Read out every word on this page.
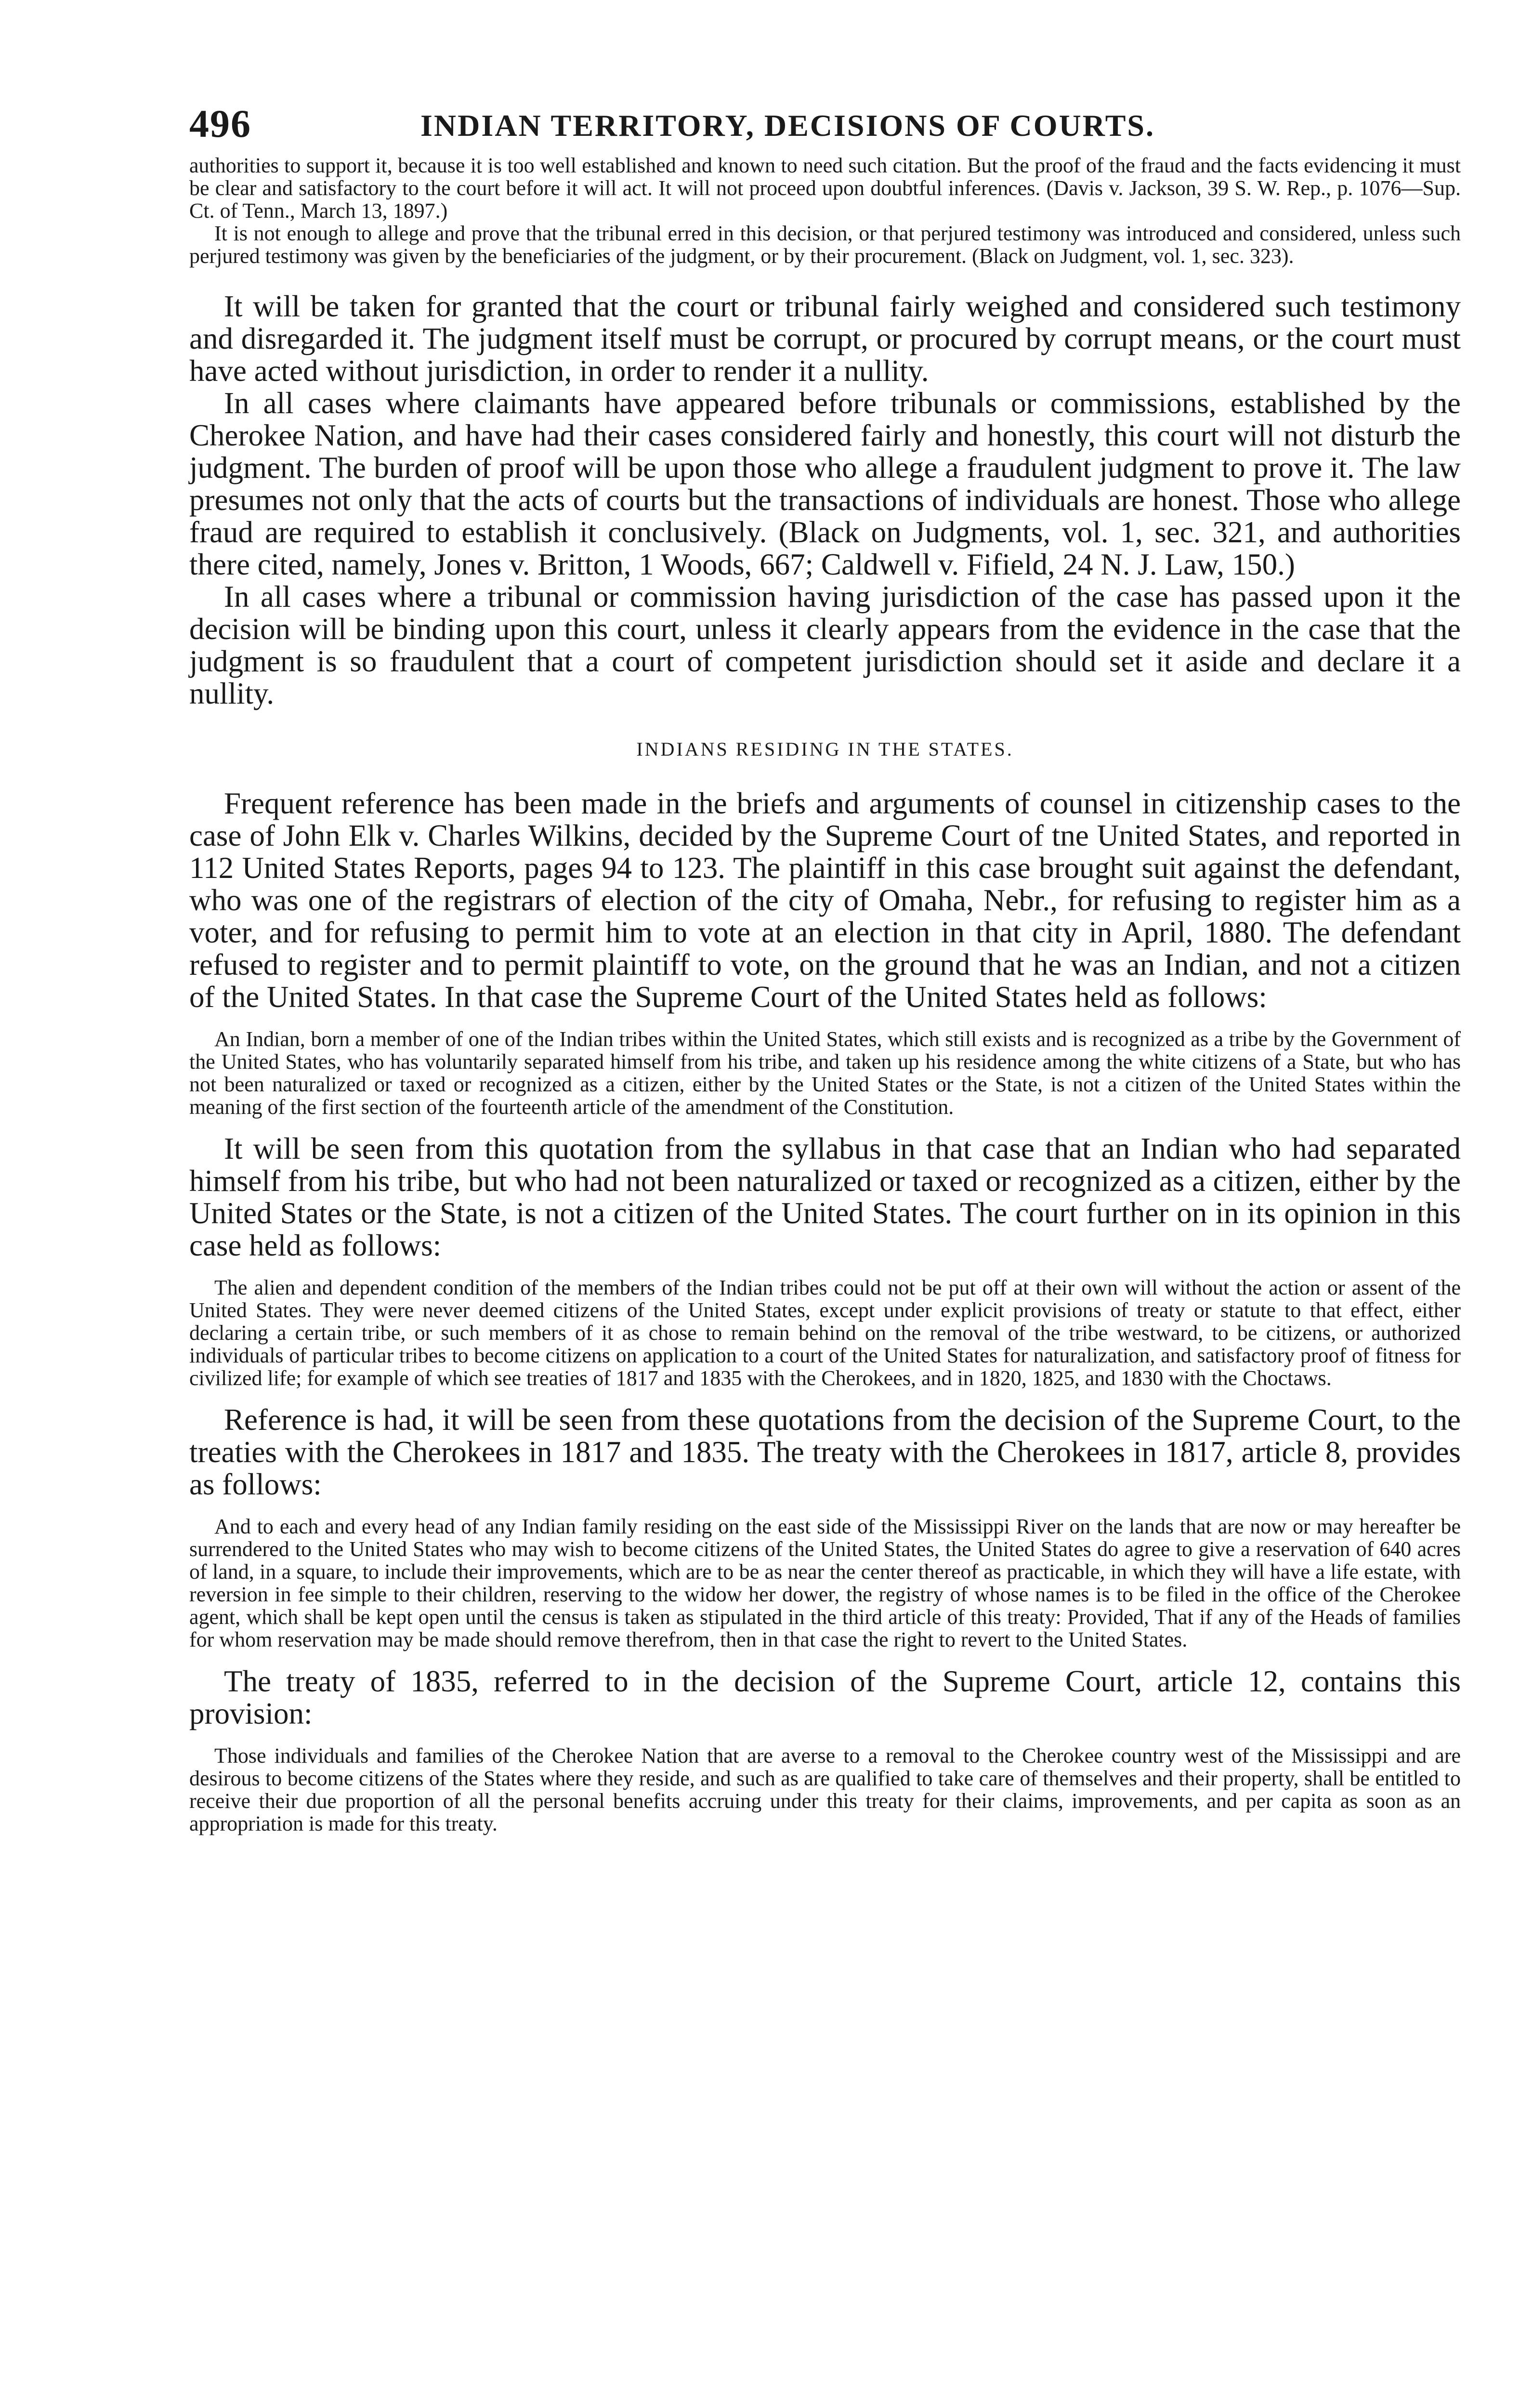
496	INDIAN TERRITORY, DECISIONS OF COURTS.

authorities to support it, because it is too well established and known to need such citation. But the proof of the fraud and the facts evidencing it must be clear and satisfactory to the court before it will act. It will not proceed upon doubtful inferences. (Davis v. Jackson, 39 S. W. Rep., p. 1076—Sup. Ct. of Tenn., March 13, 1897.)

It is not enough to allege and prove that the tribunal erred in this decision, or that perjured testimony was introduced and considered, unless such perjured testimony was given by the beneficiaries of the judgment, or by their procurement. (Black on Judgment, vol. 1, sec. 323).

It will be taken for granted that the court or tribunal fairly weighed and considered such testimony and disregarded it. The judgment itself must be corrupt, or procured by corrupt means, or the court must have acted without jurisdiction, in order to render it a nullity.

In all cases where claimants have appeared before tribunals or commissions, established by the Cherokee Nation, and have had their cases considered fairly and honestly, this court will not disturb the judgment. The burden of proof will be upon those who allege a fraudulent judgment to prove it. The law presumes not only that the acts of courts but the transactions of individuals are honest. Those who allege fraud are required to establish it conclusively. (Black on Judgments, vol. 1, sec. 321, and authorities there cited, namely, Jones v. Britton, 1 Woods, 667; Caldwell v. Fifield, 24 N. J. Law, 150.)

In all cases where a tribunal or commission having jurisdiction of the case has passed upon it the decision will be binding upon this court, unless it clearly appears from the evidence in the case that the judgment is so fraudulent that a court of competent jurisdiction should set it aside and declare it a nullity.

INDIANS RESIDING IN THE STATES.

Frequent reference has been made in the briefs and arguments of counsel in citizenship cases to the case of John Elk v. Charles Wilkins, decided by the Supreme Court of tne United States, and reported in 112 United States Reports, pages 94 to 123. The plaintiff in this case brought suit against the defendant, who was one of the registrars of election of the city of Omaha, Nebr., for refusing to register him as a voter, and for refusing to permit him to vote at an election in that city in April, 1880. The defendant refused to register and to permit plaintiff to vote, on the ground that he was an Indian, and not a citizen of the United States. In that case the Supreme Court of the United States held as follows:

An Indian, born a member of one of the Indian tribes within the United States, which still exists and is recognized as a tribe by the Government of the United States, who has voluntarily separated himself from his tribe, and taken up his residence among the white citizens of a State, but who has not been naturalized or taxed or recognized as a citizen, either by the United States or the State, is not a citizen of the United States within the meaning of the first section of the fourteenth article of the amendment of the Constitution.

It will be seen from this quotation from the syllabus in that case that an Indian who had separated himself from his tribe, but who had not been naturalized or taxed or recognized as a citizen, either by the United States or the State, is not a citizen of the United States. The court further on in its opinion in this case held as follows:

The alien and dependent condition of the members of the Indian tribes could not be put off at their own will without the action or assent of the United States. They were never deemed citizens of the United States, except under explicit provisions of treaty or statute to that effect, either declaring a certain tribe, or such members of it as chose to remain behind on the removal of the tribe westward, to be citizens, or authorized individuals of particular tribes to become citizens on application to a court of the United States for naturalization, and satisfactory proof of fitness for civilized life; for example of which see treaties of 1817 and 1835 with the Cherokees, and in 1820, 1825, and 1830 with the Choctaws.

Reference is had, it will be seen from these quotations from the decision of the Supreme Court, to the treaties with the Cherokees in 1817 and 1835. The treaty with the Cherokees in 1817, article 8, provides as follows:

And to each and every head of any Indian family residing on the east side of the Mississippi River on the lands that are now or may hereafter be surrendered to the United States who may wish to become citizens of the United States, the United States do agree to give a reservation of 640 acres of land, in a square, to include their improvements, which are to be as near the center thereof as practicable, in which they will have a life estate, with reversion in fee simple to their children, reserving to the widow her dower, the registry of whose names is to be filed in the office of the Cherokee agent, which shall be kept open until the census is taken as stipulated in the third article of this treaty: Provided, That if any of the Heads of families for whom reservation may be made should remove therefrom, then in that case the right to revert to the United States.

The treaty of 1835, referred to in the decision of the Supreme Court, article 12, contains this provision:

Those individuals and families of the Cherokee Nation that are averse to a removal to the Cherokee country west of the Mississippi and are desirous to become citizens of the States where they reside, and such as are qualified to take care of themselves and their property, shall be entitled to receive their due proportion of all the personal benefits accruing under this treaty for their claims, improvements, and per capita as soon as an appropriation is made for this treaty.
